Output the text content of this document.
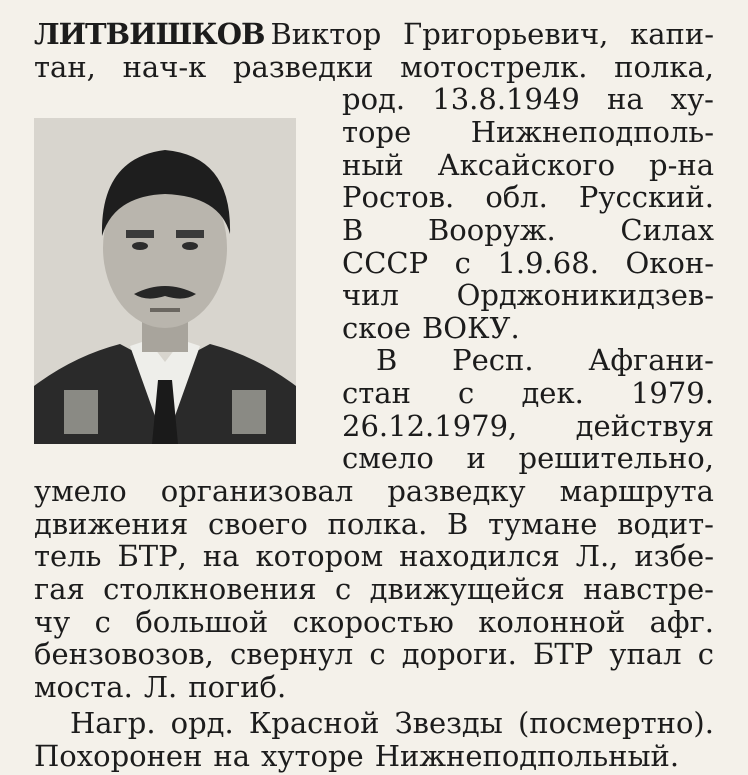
ЛИТВИШКОВ Виктор Григорьевич, капи-
тан, нач-к разведки мотострелк. полка,
род. 13.8.1949 на ху-
торе Нижнеподполь-
ный Аксайского р-на
Ростов. обл. Русский.
В Вооруж. Силах
СССР с 1.9.68. Окон-
чил Орджоникидзев-
ское ВОКУ.
В Респ. Афгани-
стан с дек. 1979.
26.12.1979, действуя
смело и решительно,
умело организовал разведку маршрута
движения своего полка. В тумане водит-
тель БТР, на котором находился Л., избе-
гая столкновения с движущейся навстре-
чу с большой скоростью колонной афг.
бензовозов, свернул с дороги. БТР упал с
моста. Л. погиб.
Нагр. орд. Красной Звезды (посмертно).
Похоронен на хуторе Нижнеподпольный.
